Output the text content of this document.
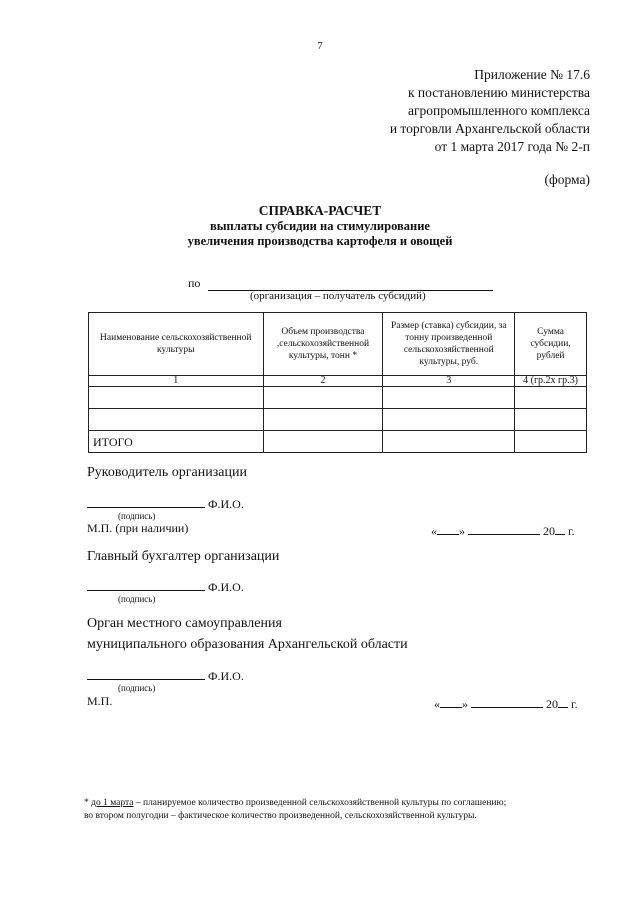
7
Приложение № 17.6
к постановлению министерства
агропромышленного комплекса
и торговли Архангельской области
от 1 марта 2017 года № 2-п
(форма)
СПРАВКА-РАСЧЕТ
выплаты субсидии на стимулирование
увеличения производства картофеля и овощей
по
(организация – получатель субсидий)
Наименование сельскохозяйственной культуры	Объем производства ,сельскохозяйственной культуры, тонн *	Размер (ставка) субсидии, за тонну произведенной сельскохозяйственной культуры, руб.	Сумма субсидии, рублей
1	2	3	4 (гр.2х гр.3)

ИТОГО			
Руководитель организации
Ф.И.О.
(подпись)
М.П. (при наличии)	« »	20 г.
Главный бухгалтер организации
Ф.И.О.
(подпись)
Орган местного самоуправления
муниципального образования Архангельской области
Ф.И.О.
(подпись)
М.П.	« »	20 г.
* до 1 марта – планируемое количество произведенной сельскохозяйственной культуры по соглашению;
во втором полугодии – фактическое количество произведенной, сельскохозяйственной культуры.
